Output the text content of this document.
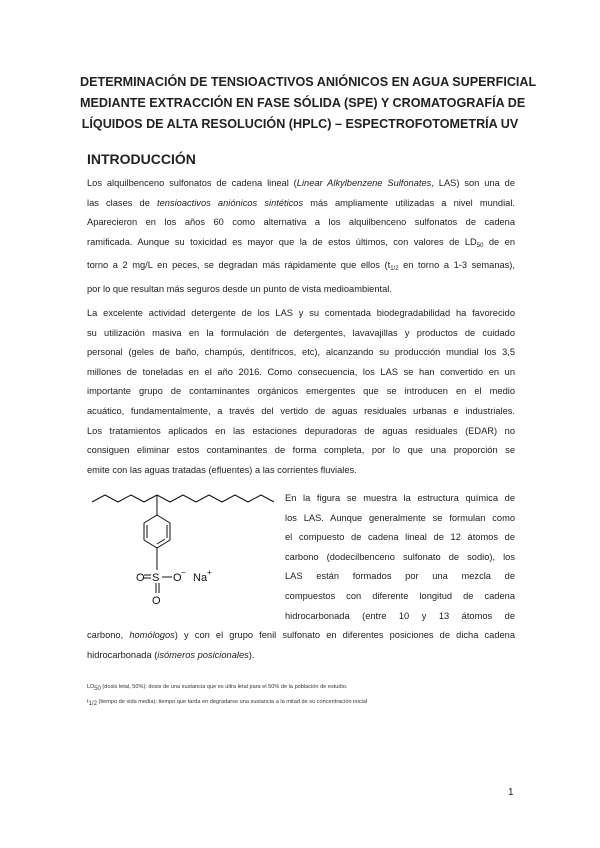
DETERMINACIÓN DE TENSIOACTIVOS ANIÓNICOS EN AGUA SUPERFICIAL
MEDIANTE EXTRACCIÓN EN FASE SÓLIDA (SPE) Y CROMATOGRAFÍA DE
LÍQUIDOS DE ALTA RESOLUCIÓN (HPLC) – ESPECTROFOTOMETRÍA UV
INTRODUCCIÓN
Los alquilbenceno sulfonatos de cadena lineal (Linear Alkylbenzene Sulfonates, LAS) son una de
las clases de tensioactivos aniónicos sintéticos más ampliamente utilizadas a nivel mundial.
Aparecieron en los años 60 como alternativa a los alquilbenceno sulfonatos de cadena
ramificada. Aunque su toxicidad es mayor que la de estos últimos, con valores de $LD_{50}$ de en
torno a 2 mg/L en peces, se degradan más rápidamente que ellos ($t_{1/2}$ en torno a 1-3 semanas),
por lo que resultan más seguros desde un punto de vista medioambiental.
La excelente actividad detergente de los LAS y su comentada biodegradabilidad ha favorecido
su utilización masiva en la formulación de detergentes, lavavajillas y productos de cuidado
personal (geles de baño, champús, dentífricos, etc), alcanzando su producción mundial los 3,5
millones de toneladas en el año 2016. Como consecuencia, los LAS se han convertido en un
importante grupo de contaminantes orgánicos emergentes que se introducen en el medio
acuático, fundamentalmente, a través del vertido de aguas residuales urbanas e industriales.
Los tratamientos aplicados en las estaciones depuradoras de aguas residuales (EDAR) no
consiguen eliminar estos contaminantes de forma completa, por lo que una proporción se
emite con las aguas tratadas (efluentes) a las corrientes fluviales.
S
O
O
O − Na +
En la figura se muestra la estructura química de
los LAS. Aunque generalmente se formulan como
el compuesto de cadena lineal de 12 átomos de
carbono (dodecilbenceno sulfonato de sodio), los
LAS están formados por una mezcla de
compuestos con diferente longitud de cadena
hidrocarbonada (entre 10 y 13 átomos de
carbono, homólogos) y con el grupo fenil sulfonato en diferentes posiciones de dicha cadena
hidrocarbonada (isómeros posicionales).
LD50 (dosis letal, 50%): dosis de una sustancia que es ultra letal para el 50% de la población de estudio.
t1/2 (tiempo de vida media): tiempo que tarda en degradarse una sustancia a la mitad de su concentración inicial
1
